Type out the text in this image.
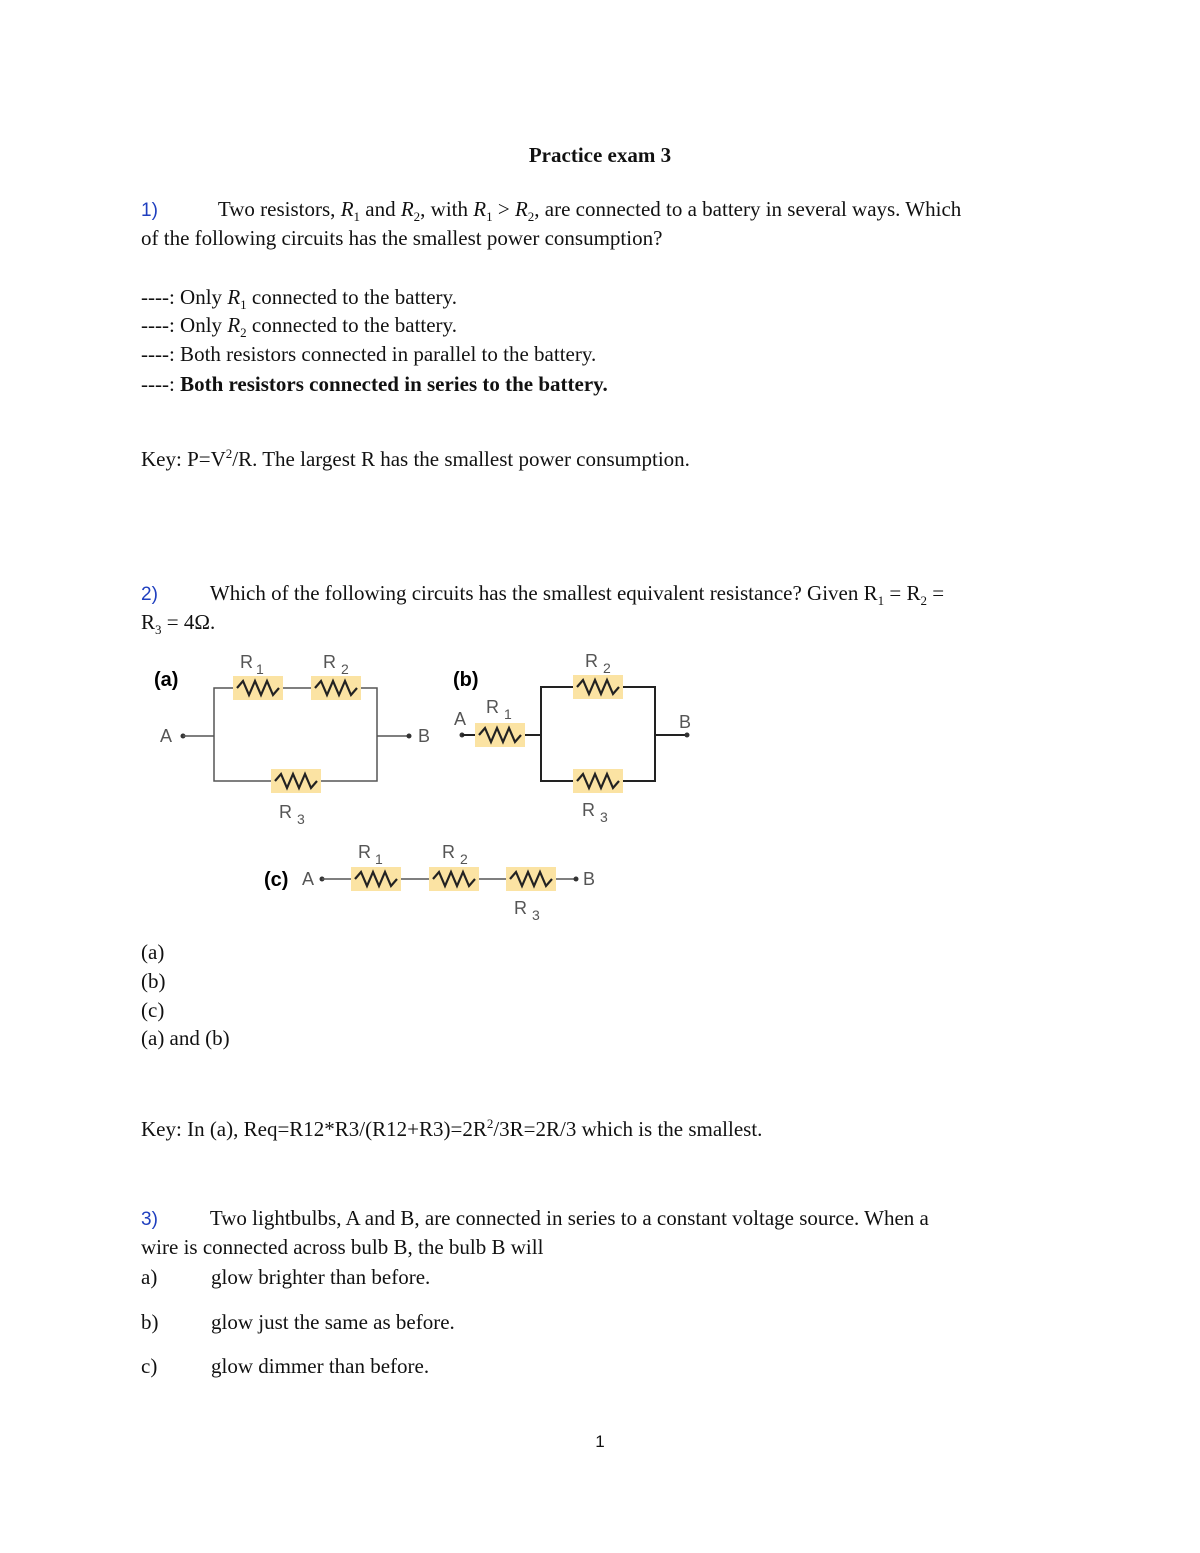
Practice exam 3
1)	Two resistors, $R_1$ and $R_2$, with $R_1 > R_2$, are connected to a battery in several ways. Which
of the following circuits has the smallest power consumption?
----: Only $R_1$ connected to the battery.
----: Only $R_2$ connected to the battery.
----: Both resistors connected in parallel to the battery.
----: Both resistors connected in series to the battery.
Key: $P=V^2/R$. The largest R has the smallest power consumption.
2) Which of the following circuits has the smallest equivalent resistance? Given $R_1 = R_2$ =
$R_3 = 4\Omega$.
(a)
A	B
R 1	R 2
R 3
(b)
A	B
R 1
R 2
R 3
(c) A	B
R 1	R 2
R 3
(a)
(b)
(c)
(a) and (b)
Key: In (a), $Req=R12*R3/(R12+R3)=2R^2/3R=2R/3$ which is the smallest.
3) Two lightbulbs, A and B, are connected in series to a constant voltage source. When a
wire is connected across bulb B, the bulb B will
a)	glow brighter than before.
b)	glow just the same as before.
c)	glow dimmer than before.
1
